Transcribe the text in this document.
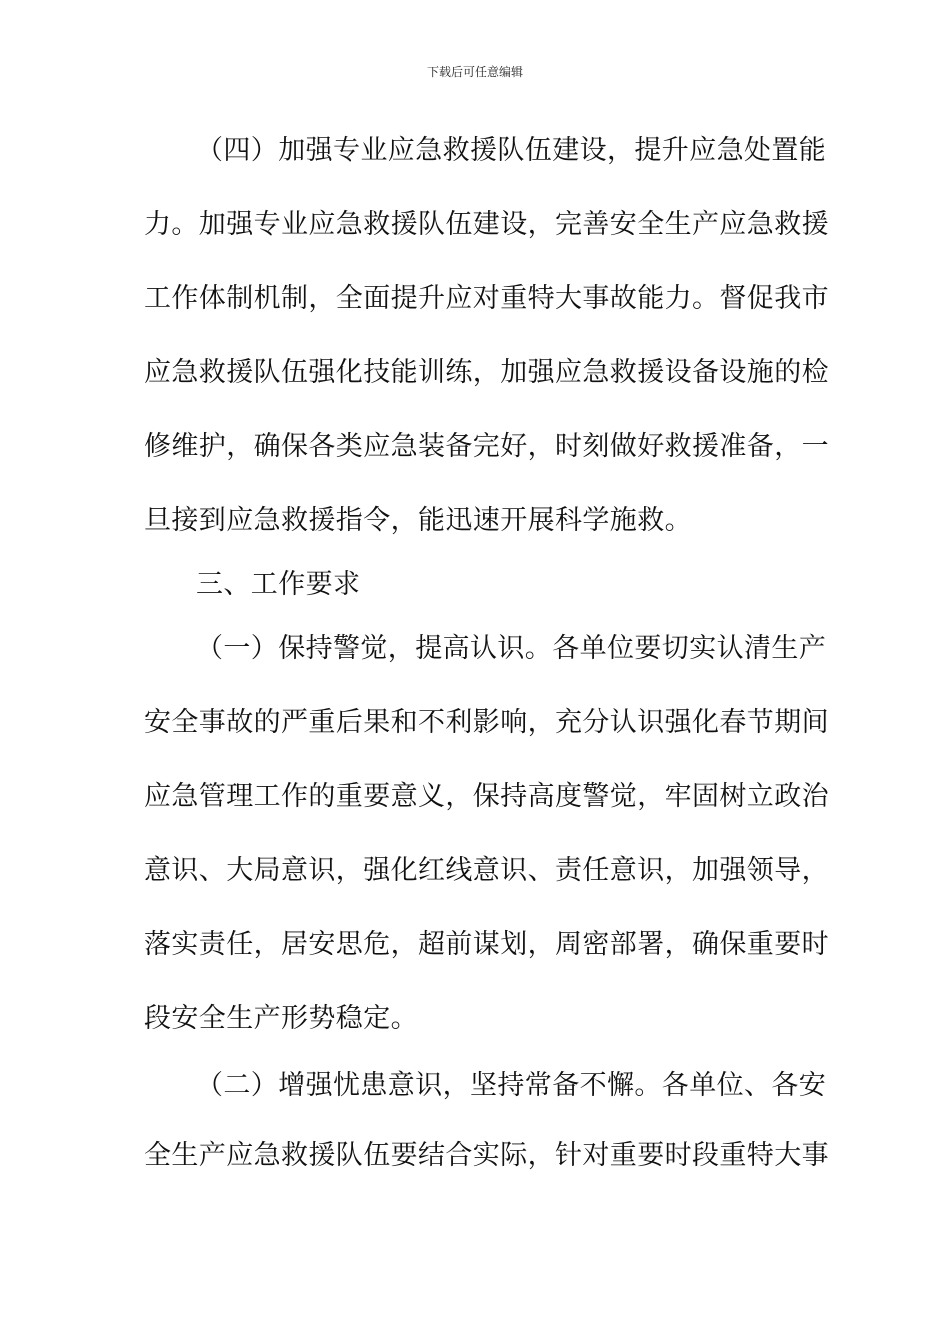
下载后可任意编辑
（四）加强专业应急救援队伍建设，提升应急处置能
力。加强专业应急救援队伍建设，完善安全生产应急救援
工作体制机制，全面提升应对重特大事故能力。督促我市
应急救援队伍强化技能训练，加强应急救援设备设施的检
修维护，确保各类应急装备完好，时刻做好救援准备，一
旦接到应急救援指令，能迅速开展科学施救。
三、工作要求
（一）保持警觉，提高认识。各单位要切实认清生产
安全事故的严重后果和不利影响，充分认识强化春节期间
应急管理工作的重要意义，保持高度警觉，牢固树立政治
意识、大局意识，强化红线意识、责任意识，加强领导，
落实责任，居安思危，超前谋划，周密部署，确保重要时
段安全生产形势稳定。
（二）增强忧患意识，坚持常备不懈。各单位、各安
全生产应急救援队伍要结合实际，针对重要时段重特大事
